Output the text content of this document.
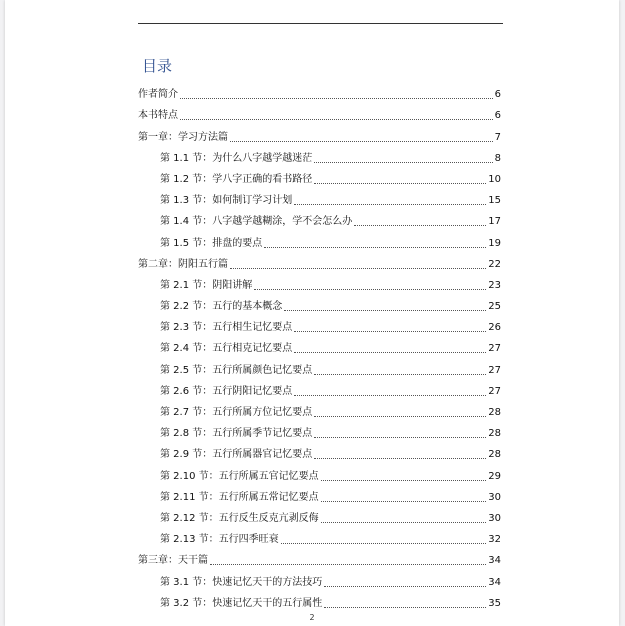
目录
作者简介	6
本书特点	6
第一章：学习方法篇	7
第 1.1 节：为什么八字越学越迷茫	8
第 1.2 节：学八字正确的看书路径	10
第 1.3 节：如何制订学习计划	15
第 1.4 节：八字越学越糊涂，学不会怎么办	17
第 1.5 节：排盘的要点	19
第二章：阴阳五行篇	22
第 2.1 节：阴阳讲解	23
第 2.2 节：五行的基本概念	25
第 2.3 节：五行相生记忆要点	26
第 2.4 节：五行相克记忆要点	27
第 2.5 节：五行所属颜色记忆要点	27
第 2.6 节：五行阴阳记忆要点	27
第 2.7 节：五行所属方位记忆要点	28
第 2.8 节：五行所属季节记忆要点	28
第 2.9 节：五行所属器官记忆要点	28
第 2.10 节：五行所属五官记忆要点	29
第 2.11 节：五行所属五常记忆要点	30
第 2.12 节：五行反生反克亢剥反侮	30
第 2.13 节：五行四季旺衰	32
第三章：天干篇	34
第 3.1 节：快速记忆天干的方法技巧	34
第 3.2 节：快速记忆天干的五行属性	35
2
